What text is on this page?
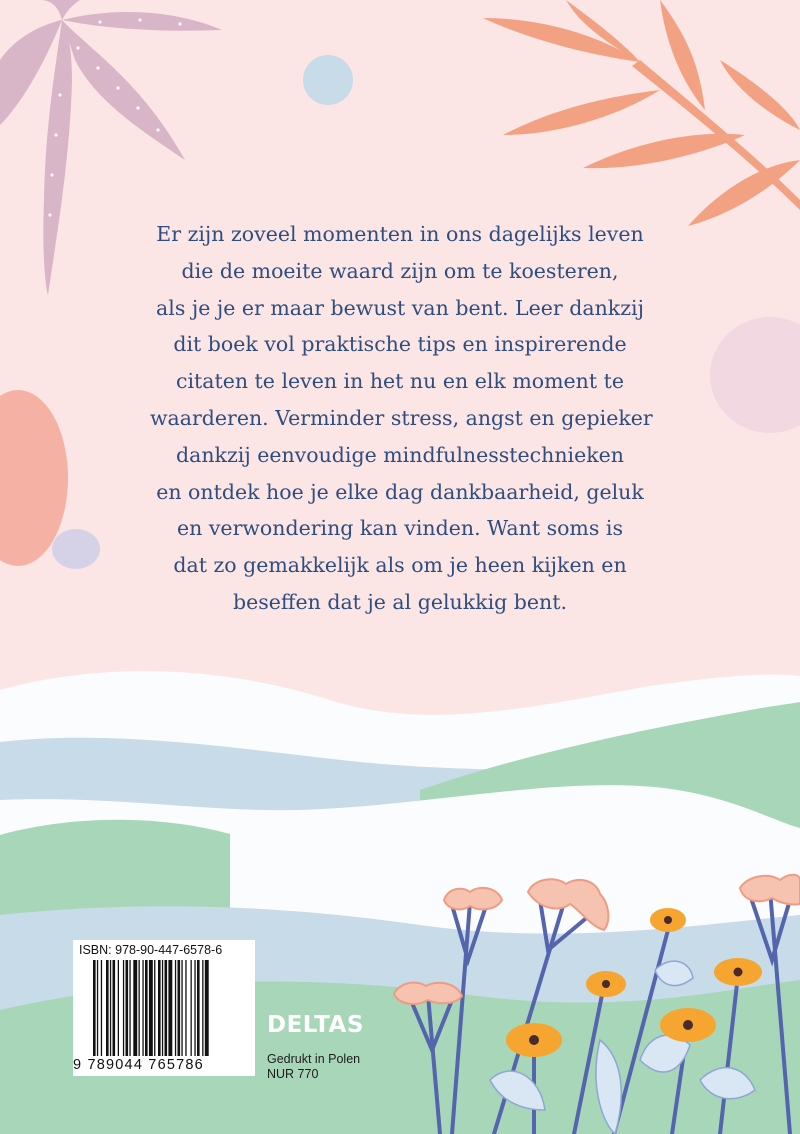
Er zijn zoveel momenten in ons dagelijks leven
die de moeite waard zijn om te koesteren,
als je je er maar bewust van bent. Leer dankzij
dit boek vol praktische tips en inspirerende
citaten te leven in het nu en elk moment te
waarderen. Verminder stress, angst en gepieker
dankzij eenvoudige mindfulnesstechnieken
en ontdek hoe je elke dag dankbaarheid, geluk
en verwondering kan vinden. Want soms is
dat zo gemakkelijk als om je heen kijken en
beseffen dat je al gelukkig bent.
ISBN: 978-90-447-6578-6
9 789044 765786
DELTAS
Gedrukt in Polen
NUR 770
